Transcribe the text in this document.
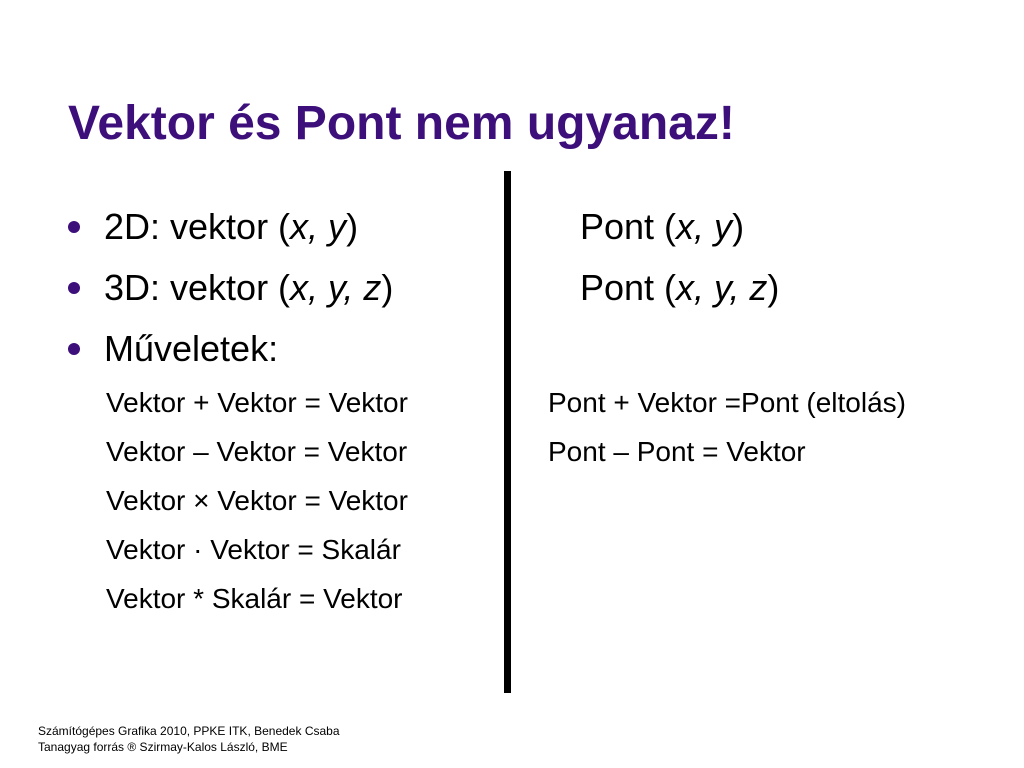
Vektor és Pont nem ugyanaz!
2D: vektor (x, y)
3D: vektor (x, y, z)
Műveletek:
Pont (x, y)
Pont (x, y, z)
Vektor + Vektor = Vektor
Vektor – Vektor = Vektor
Vektor × Vektor = Vektor
Vektor · Vektor = Skalár
Vektor * Skalár = Vektor
Pont + Vektor =Pont (eltolás)
Pont – Pont = Vektor
Számítógépes Grafika 2010, PPKE ITK, Benedek Csaba
Tanagyag forrás ® Szirmay-Kalos László, BME
